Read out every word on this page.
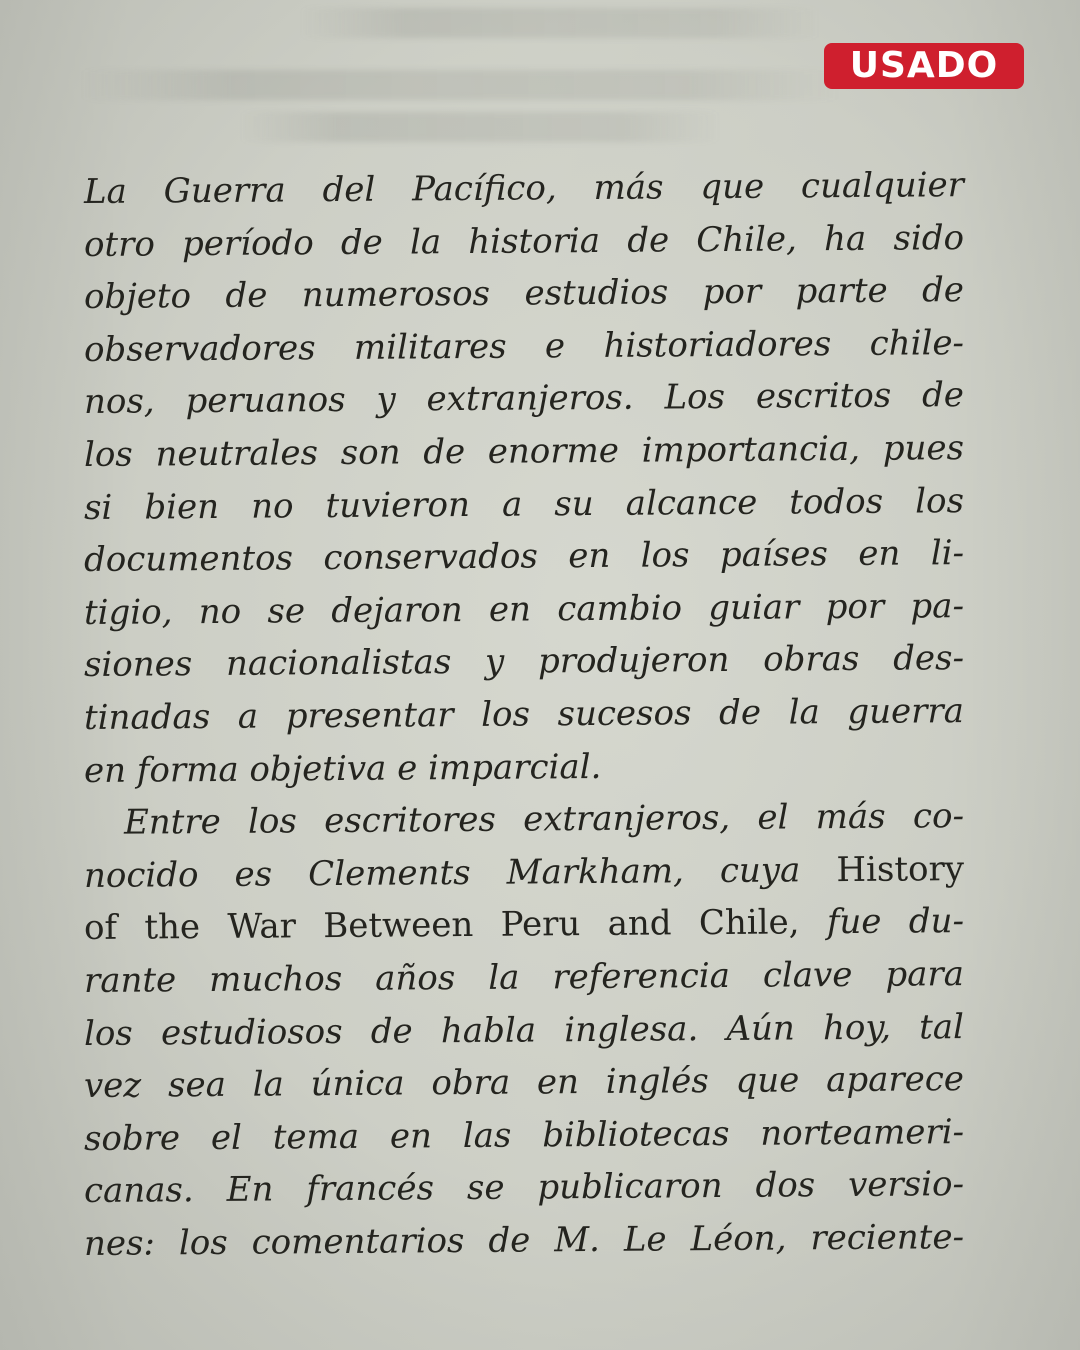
USADO
La Guerra del Pacífico, más que cualquier
otro período de la historia de Chile, ha sido
objeto de numerosos estudios por parte de
observadores militares e historiadores chile-
nos, peruanos y extranjeros. Los escritos de
los neutrales son de enorme importancia, pues
si bien no tuvieron a su alcance todos los
documentos conservados en los países en li-
tigio, no se dejaron en cambio guiar por pa-
siones nacionalistas y produjeron obras des-
tinadas a presentar los sucesos de la guerra
en forma objetiva e imparcial.
Entre los escritores extranjeros, el más co-
nocido es Clements Markham, cuya History
of the War Between Peru and Chile, fue du-
rante muchos años la referencia clave para
los estudiosos de habla inglesa. Aún hoy, tal
vez sea la única obra en inglés que aparece
sobre el tema en las bibliotecas norteameri-
canas. En francés se publicaron dos versio-
nes: los comentarios de M. Le Léon, reciente-
